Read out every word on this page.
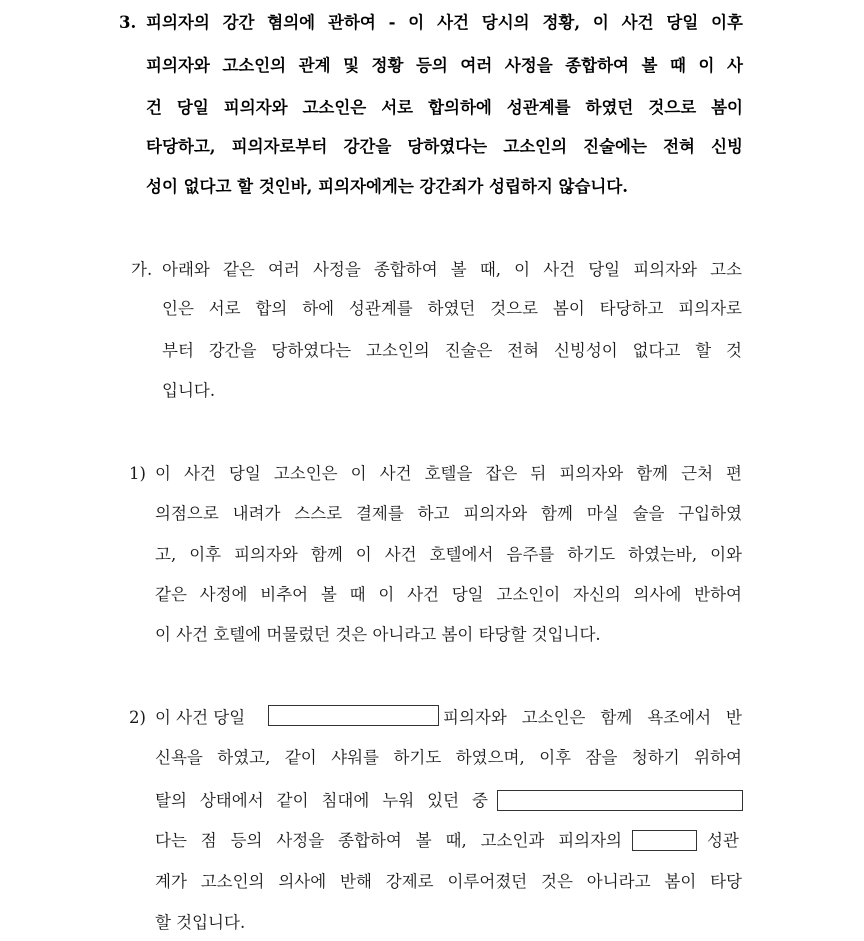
3. 피의자의 강간 혐의에 관하여 - 이 사건 당시의 정황, 이 사건 당일 이후
피의자와 고소인의 관계 및 정황 등의 여러 사정을 종합하여 볼 때 이 사
건 당일 피의자와 고소인은 서로 합의하에 성관계를 하였던 것으로 봄이
타당하고, 피의자로부터 강간을 당하였다는 고소인의 진술에는 전혀 신빙
성이 없다고 할 것인바, 피의자에게는 강간죄가 성립하지 않습니다.
가. 아래와 같은 여러 사정을 종합하여 볼 때, 이 사건 당일 피의자와 고소
인은 서로 합의 하에 성관계를 하였던 것으로 봄이 타당하고 피의자로
부터 강간을 당하였다는 고소인의 진술은 전혀 신빙성이 없다고 할 것
입니다.
1) 이 사건 당일 고소인은 이 사건 호텔을 잡은 뒤 피의자와 함께 근처 편
의점으로 내려가 스스로 결제를 하고 피의자와 함께 마실 술을 구입하였
고, 이후 피의자와 함께 이 사건 호텔에서 음주를 하기도 하였는바, 이와
같은 사정에 비추어 볼 때 이 사건 당일 고소인이 자신의 의사에 반하여
이 사건 호텔에 머물렀던 것은 아니라고 봄이 타당할 것입니다.
2) 이 사건 당일	피의자와 고소인은 함께 욕조에서 반
신욕을 하였고, 같이 샤워를 하기도 하였으며, 이후 잠을 청하기 위하여
탈의 상태에서 같이 침대에 누워 있던 중
다는 점 등의 사정을 종합하여 볼 때, 고소인과 피의자의	성관
계가 고소인의 의사에 반해 강제로 이루어졌던 것은 아니라고 봄이 타당
할 것입니다.
